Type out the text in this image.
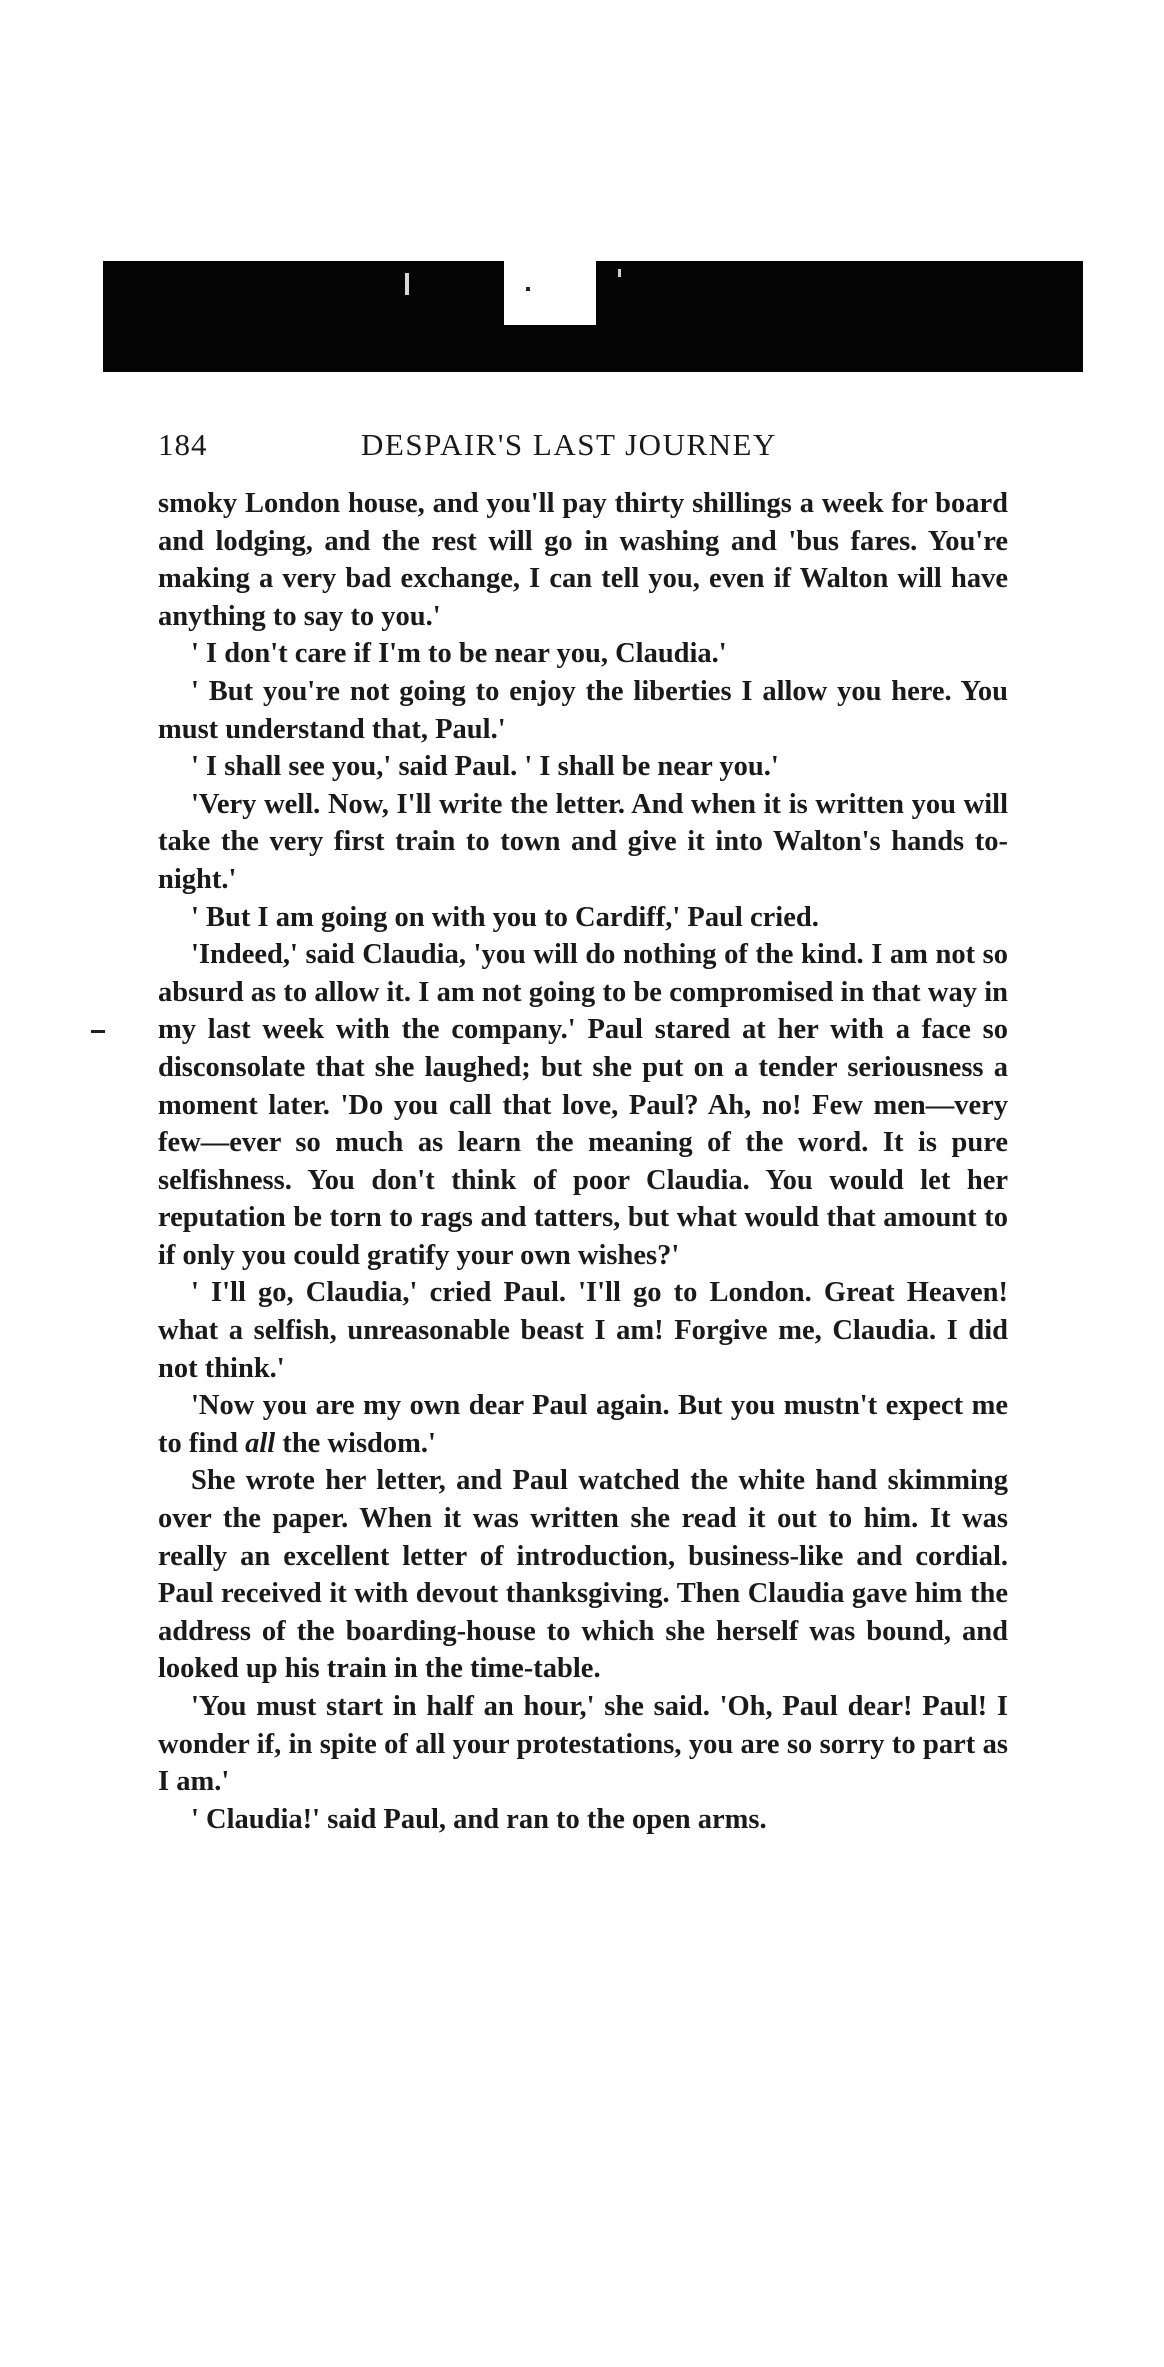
184	DESPAIR'S LAST JOURNEY

smoky London house, and you'll pay thirty shillings a week for board and lodging, and the rest will go in washing and 'bus fares. You're making a very bad exchange, I can tell you, even if Walton will have anything to say to you.'

' I don't care if I'm to be near you, Claudia.'

' But you're not going to enjoy the liberties I allow you here. You must understand that, Paul.'

' I shall see you,' said Paul. ' I shall be near you.'

'Very well. Now, I'll write the letter. And when it is written you will take the very first train to town and give it into Walton's hands to-night.'

' But I am going on with you to Cardiff,' Paul cried.

'Indeed,' said Claudia, 'you will do nothing of the kind. I am not so absurd as to allow it. I am not going to be compromised in that way in my last week with the company.' Paul stared at her with a face so disconsolate that she laughed; but she put on a tender seriousness a moment later. 'Do you call that love, Paul? Ah, no! Few men—very few—ever so much as learn the meaning of the word. It is pure selfishness. You don't think of poor Claudia. You would let her reputation be torn to rags and tatters, but what would that amount to if only you could gratify your own wishes?'

' I'll go, Claudia,' cried Paul. 'I'll go to London. Great Heaven! what a selfish, unreasonable beast I am! Forgive me, Claudia. I did not think.'

'Now you are my own dear Paul again. But you mustn't expect me to find all the wisdom.'

She wrote her letter, and Paul watched the white hand skimming over the paper. When it was written she read it out to him. It was really an excellent letter of introduction, business-like and cordial. Paul received it with devout thanksgiving. Then Claudia gave him the address of the boarding-house to which she herself was bound, and looked up his train in the time-table.

'You must start in half an hour,' she said. 'Oh, Paul dear! Paul! I wonder if, in spite of all your protestations, you are so sorry to part as I am.'

' Claudia!' said Paul, and ran to the open arms.
